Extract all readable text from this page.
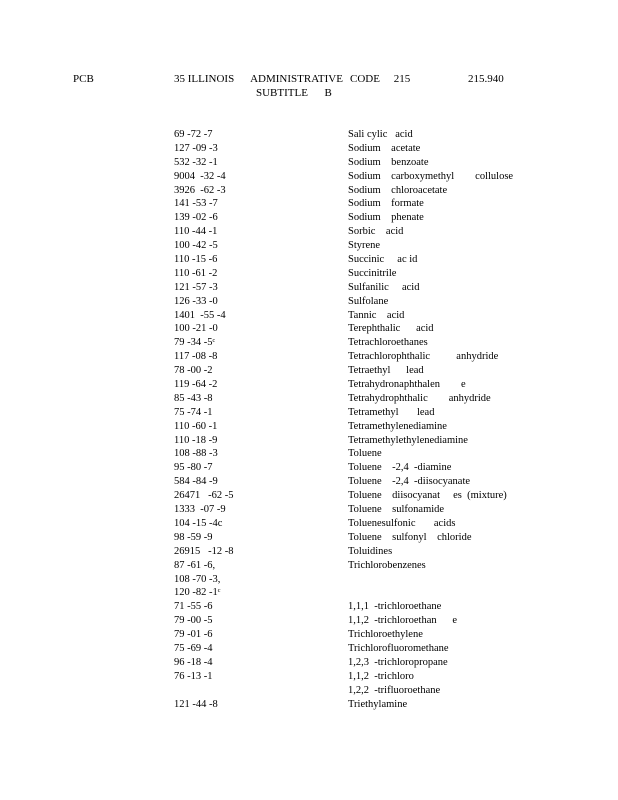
PCB	35 ILLINOIS      ADMINISTRATIVE
SUBTITLE      B
CODE     215	215.940
69 -72 -7	Sali cylic   acid
127 -09 -3	Sodium    acetate
532 -32 -1	Sodium    benzoate
9004  -32 -4	Sodium    carboxymethyl        collulose
3926  -62 -3	Sodium    chloroacetate
141 -53 -7	Sodium    formate
139 -02 -6	Sodium    phenate
110 -44 -1	Sorbic    acid
100 -42 -5	Styrene
110 -15 -6	Succinic     ac id
110 -61 -2	Succinitrile
121 -57 -3	Sulfanilic     acid
126 -33 -0	Sulfolane
1401  -55 -4	Tannic    acid
100 -21 -0	Terephthalic      acid
79 -34 -5ᶜ	Tetrachloroethanes
117 -08 -8	Tetrachlorophthalic          anhydride
78 -00 -2	Tetraethyl      lead
119 -64 -2	Tetrahydronaphthalen        e
85 -43 -8	Tetrahydrophthalic        anhydride
75 -74 -1	Tetramethyl       lead
110 -60 -1	Tetramethylenediamine
110 -18 -9	Tetramethylethylenediamine
108 -88 -3	Toluene
95 -80 -7	Toluene    -2,4  -diamine
584 -84 -9	Toluene    -2,4  -diisocyanate
26471   -62 -5	Toluene    diisocyanat     es  (mixture)
1333  -07 -9	Toluene    sulfonamide
104 -15 -4c	Toluenesulfonic       acids
98 -59 -9	Toluene    sulfonyl    chloride
26915   -12 -8	Toluidines
87 -61 -6,	Trichlorobenzenes
108 -70 -3,
120 -82 -1ᶜ
71 -55 -6	1,1,1  -trichloroethane
79 -00 -5	1,1,2  -trichloroethan      e
79 -01 -6	Trichloroethylene
75 -69 -4	Trichlorofluoromethane
96 -18 -4	1,2,3  -trichloropropane
76 -13 -1	1,1,2  -trichloro
1,2,2  -trifluoroethane
121 -44 -8	Triethylamine
